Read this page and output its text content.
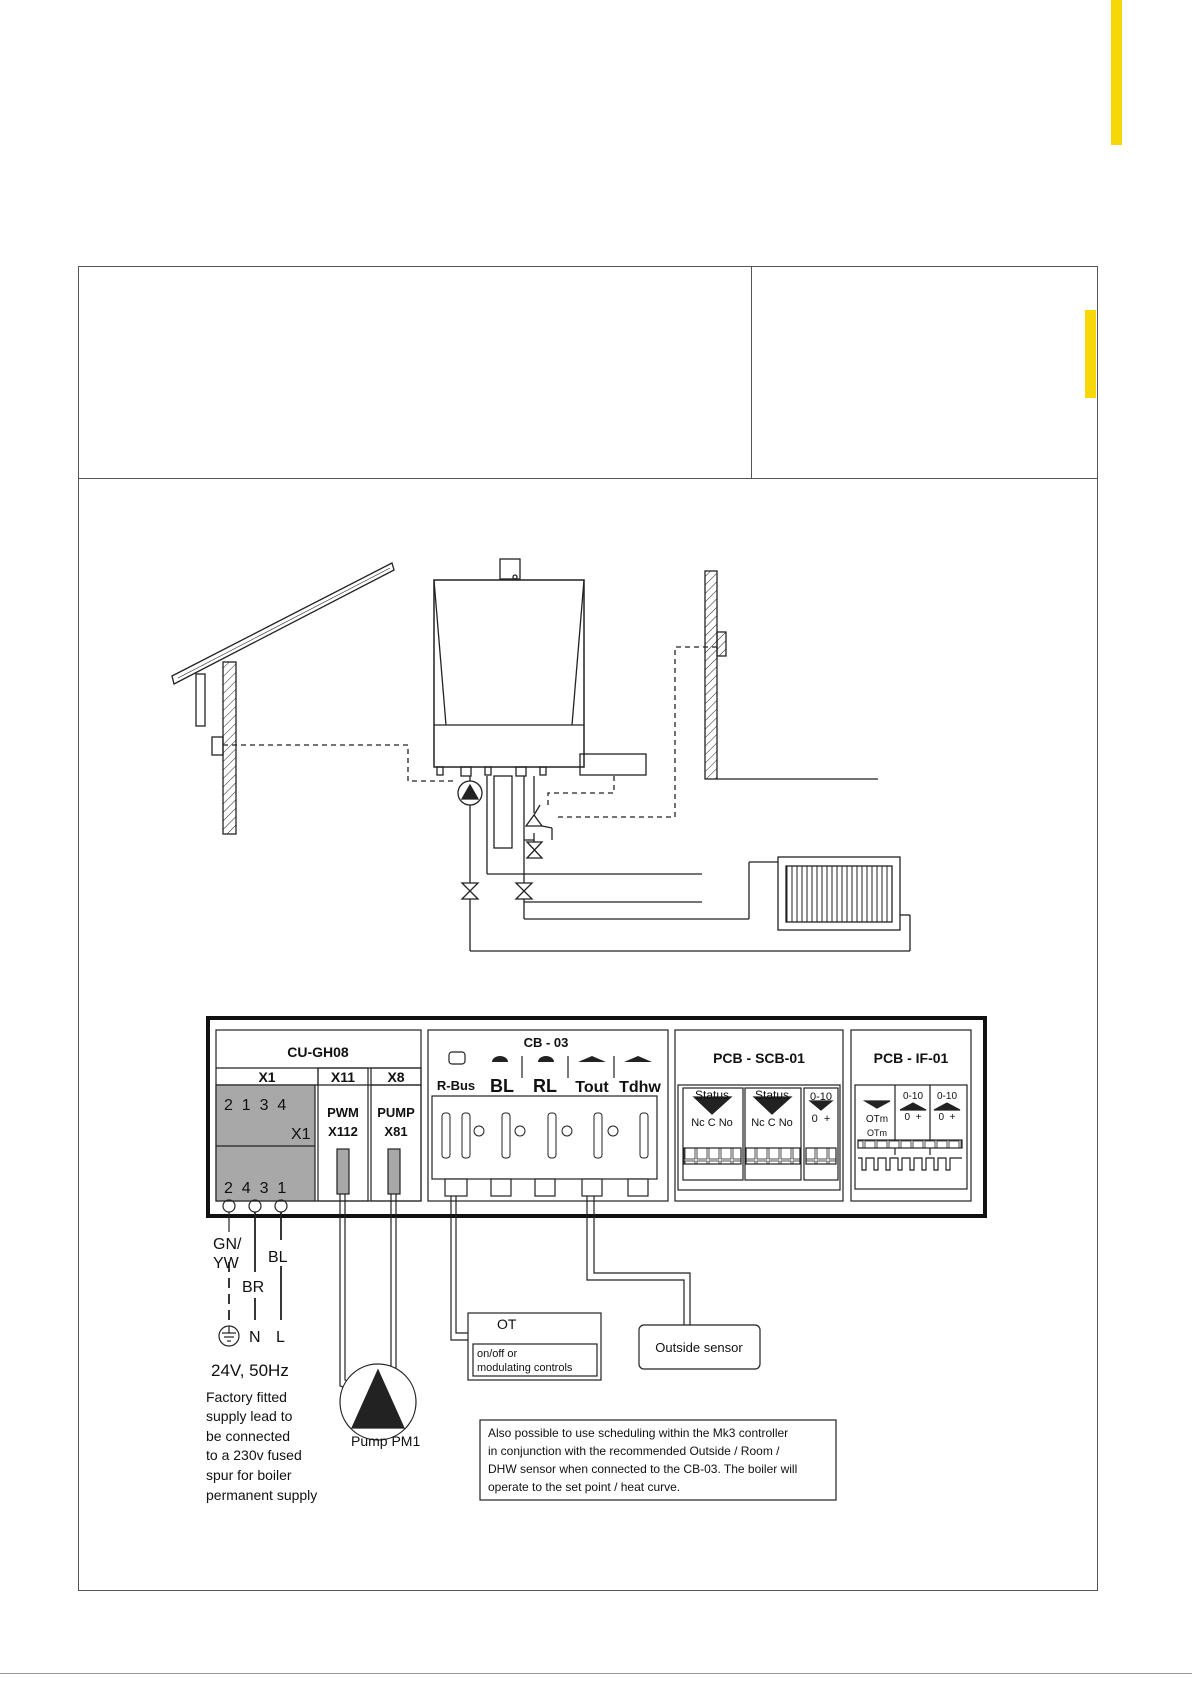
CU-GH08
X1	X11 X8
2  1  3  4
X1
2  4  3  1
PWM
X112
PUMP
X81
CB - 03
R-Bus BL RL Tout Tdhw
PCB - SCB-01
Status Status 0-10
Nc C No Nc C No 0  +
PCB - IF-01
OTm
OTm
0-10 0-10
0  + 0  +
GN/
YW
BR
BL
N L
24V, 50Hz
Factory fitted
supply lead to
be connected
to a 230v fused
spur for boiler
permanent supply
Pump PM1
OT
on/off or
modulating controls
Outside sensor
Also possible to use scheduling within the Mk3 controller
in conjunction with the recommended Outside / Room /
DHW sensor when connected to the CB-03. The boiler will
operate to the set point / heat curve.
